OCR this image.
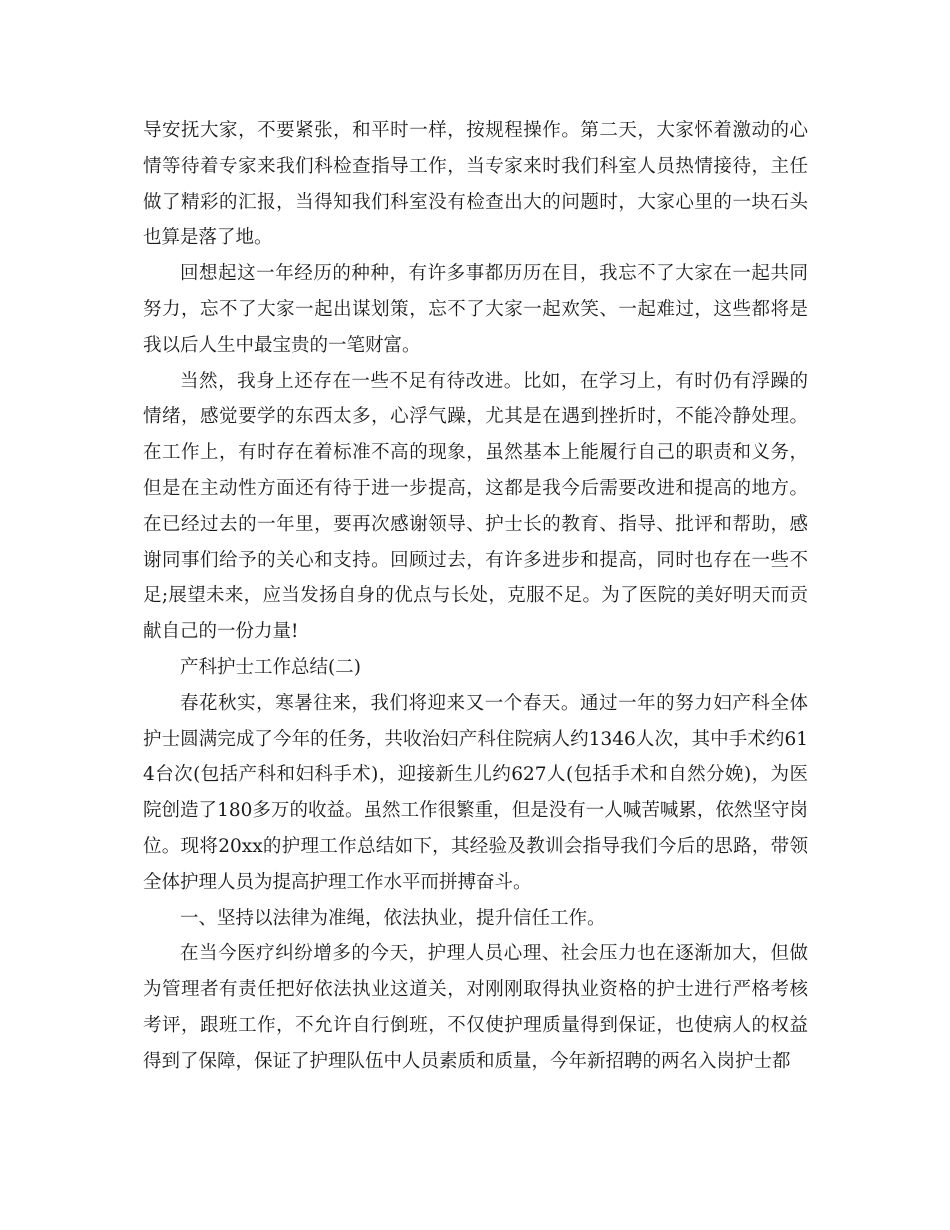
导安抚大家，不要紧张，和平时一样，按规程操作。第二天，大家怀着激动的心情等待着专家来我们科检查指导工作，当专家来时我们科室人员热情接待，主任做了精彩的汇报，当得知我们科室没有检查出大的问题时，大家心里的一块石头也算是落了地。

回想起这一年经历的种种，有许多事都历历在目，我忘不了大家在一起共同努力，忘不了大家一起出谋划策，忘不了大家一起欢笑、一起难过，这些都将是我以后人生中最宝贵的一笔财富。

当然，我身上还存在一些不足有待改进。比如，在学习上，有时仍有浮躁的情绪，感觉要学的东西太多，心浮气躁，尤其是在遇到挫折时，不能冷静处理。在工作上，有时存在着标准不高的现象，虽然基本上能履行自己的职责和义务，但是在主动性方面还有待于进一步提高，这都是我今后需要改进和提高的地方。在已经过去的一年里，要再次感谢领导、护士长的教育、指导、批评和帮助，感谢同事们给予的关心和支持。回顾过去，有许多进步和提高，同时也存在一些不足;展望未来，应当发扬自身的优点与长处，克服不足。为了医院的美好明天而贡献自己的一份力量!

产科护士工作总结(二)

春花秋实，寒暑往来，我们将迎来又一个春天。通过一年的努力妇产科全体护士圆满完成了今年的任务，共收治妇产科住院病人约1346人次，其中手术约614台次(包括产科和妇科手术)，迎接新生儿约627人(包括手术和自然分娩)，为医院创造了180多万的收益。虽然工作很繁重，但是没有一人喊苦喊累，依然坚守岗位。现将20xx的护理工作总结如下，其经验及教训会指导我们今后的思路，带领全体护理人员为提高护理工作水平而拼搏奋斗。

一、坚持以法律为准绳，依法执业，提升信任工作。

在当今医疗纠纷增多的今天，护理人员心理、社会压力也在逐渐加大，但做为管理者有责任把好依法执业这道关，对刚刚取得执业资格的护士进行严格考核考评，跟班工作，不允许自行倒班，不仅使护理质量得到保证，也使病人的权益得到了保障，保证了护理队伍中人员素质和质量，今年新招聘的两名入岗护士都
